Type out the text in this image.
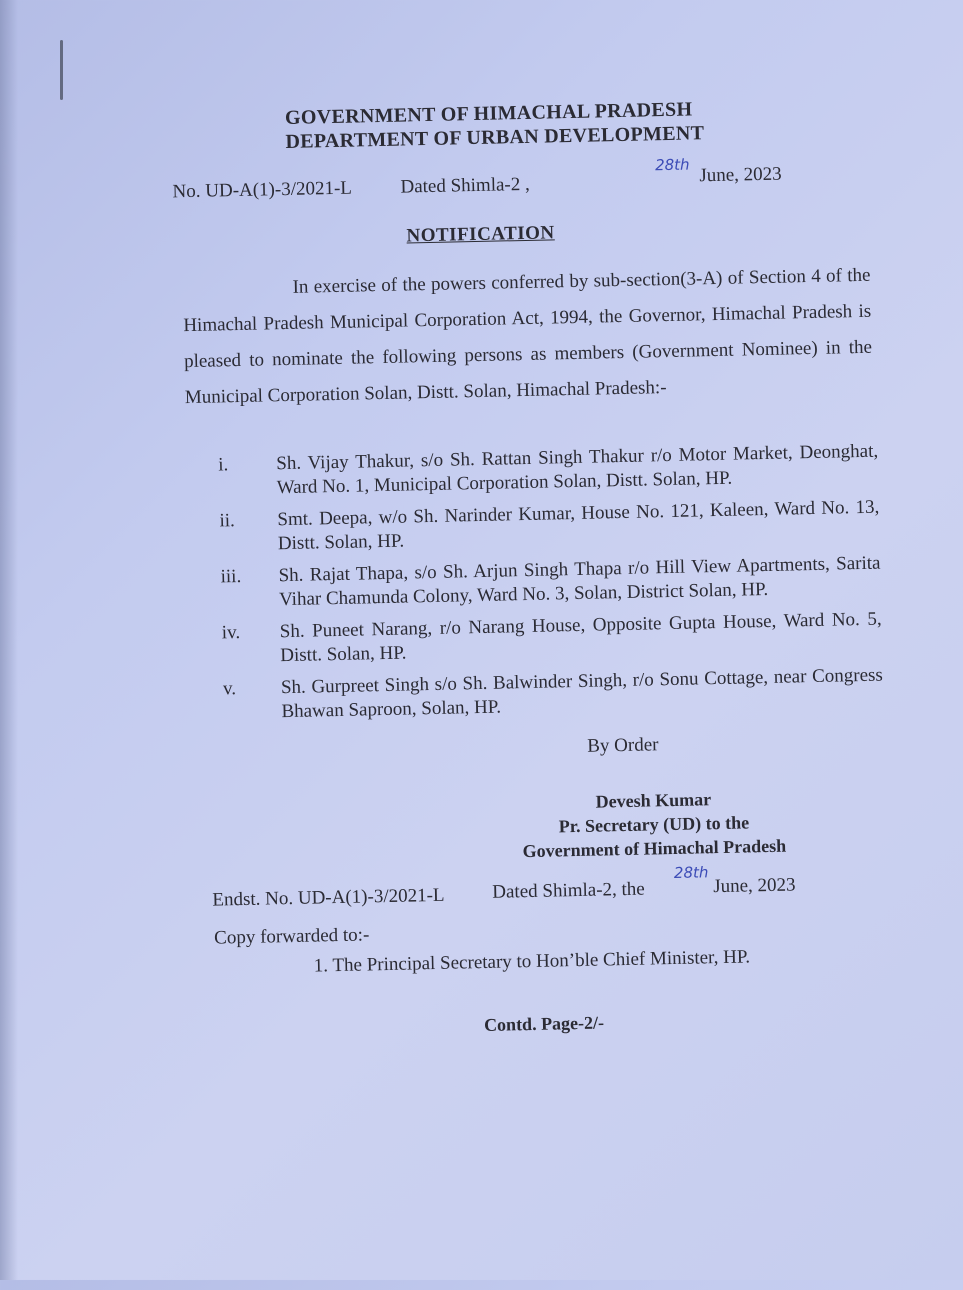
GOVERNMENT OF HIMACHAL PRADESH
DEPARTMENT OF URBAN DEVELOPMENT
No. UD-A(1)-3/2021-L	Dated Shimla-2 ,
28th June, 2023
NOTIFICATION
In exercise of the powers conferred by sub-section(3-A) of Section 4 of the Himachal Pradesh Municipal Corporation Act, 1994, the Governor, Himachal Pradesh is pleased to nominate the following persons as members (Government Nominee) in the Municipal Corporation Solan, Distt. Solan, Himachal Pradesh:-
i.	Sh. Vijay Thakur, s/o Sh. Rattan Singh Thakur r/o Motor Market, Deonghat, Ward No. 1, Municipal Corporation Solan, Distt. Solan, HP.
ii.	Smt. Deepa, w/o Sh. Narinder Kumar, House No. 121, Kaleen, Ward No. 13, Distt. Solan, HP.
iii.	Sh. Rajat Thapa, s/o Sh. Arjun Singh Thapa r/o Hill View Apartments, Sarita Vihar Chamunda Colony, Ward No. 3, Solan, District Solan, HP.
iv.	Sh. Puneet Narang, r/o Narang House, Opposite Gupta House, Ward No. 5, Distt. Solan, HP.
v.	Sh. Gurpreet Singh s/o Sh. Balwinder Singh, r/o Sonu Cottage, near Congress Bhawan Saproon, Solan, HP.
By Order
Devesh Kumar
Pr. Secretary (UD) to the
Government of Himachal Pradesh
Endst. No. UD-A(1)-3/2021-L Dated Shimla-2, the
28th
June, 2023
Copy forwarded to:-
1. The Principal Secretary to Hon’ble Chief Minister, HP.
Contd. Page-2/-
